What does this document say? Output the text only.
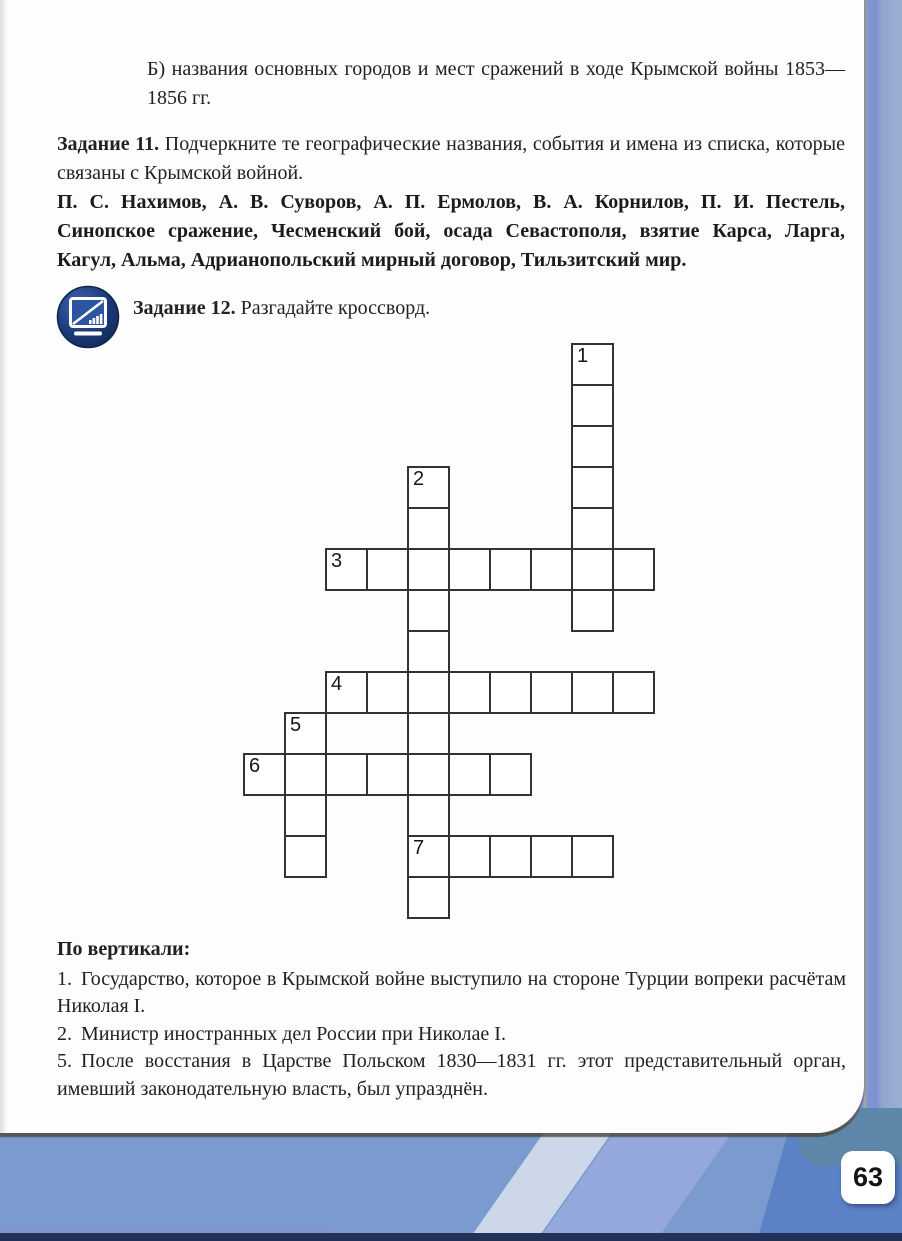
Б) названия основных городов и мест сражений в ходе Крымской войны 1853—1856 гг.

Задание 11. Подчеркните те географические названия, события и имена из списка, которые связаны с Крымской войной.

П. С. Нахимов, А. В. Суворов, А. П. Ермолов, В. А. Корнилов, П. И. Пестель, Синопское сражение, Чесменский бой, осада Севастополя, взятие Карса, Ларга, Кагул, Альма, Адрианопольский мирный договор, Тильзитский мир.

Задание 12. Разгадайте кроссворд.
1
2
7
3
4
5
6
По вертикали:

1. Государство, которое в Крымской войне выступило на стороне Турции вопреки расчётам Николая I.

2. Министр иностранных дел России при Николае I.

5. После восстания в Царстве Польском 1830—1831 гг. этот представительный орган, имевший законодательную власть, был упразднён.

63
